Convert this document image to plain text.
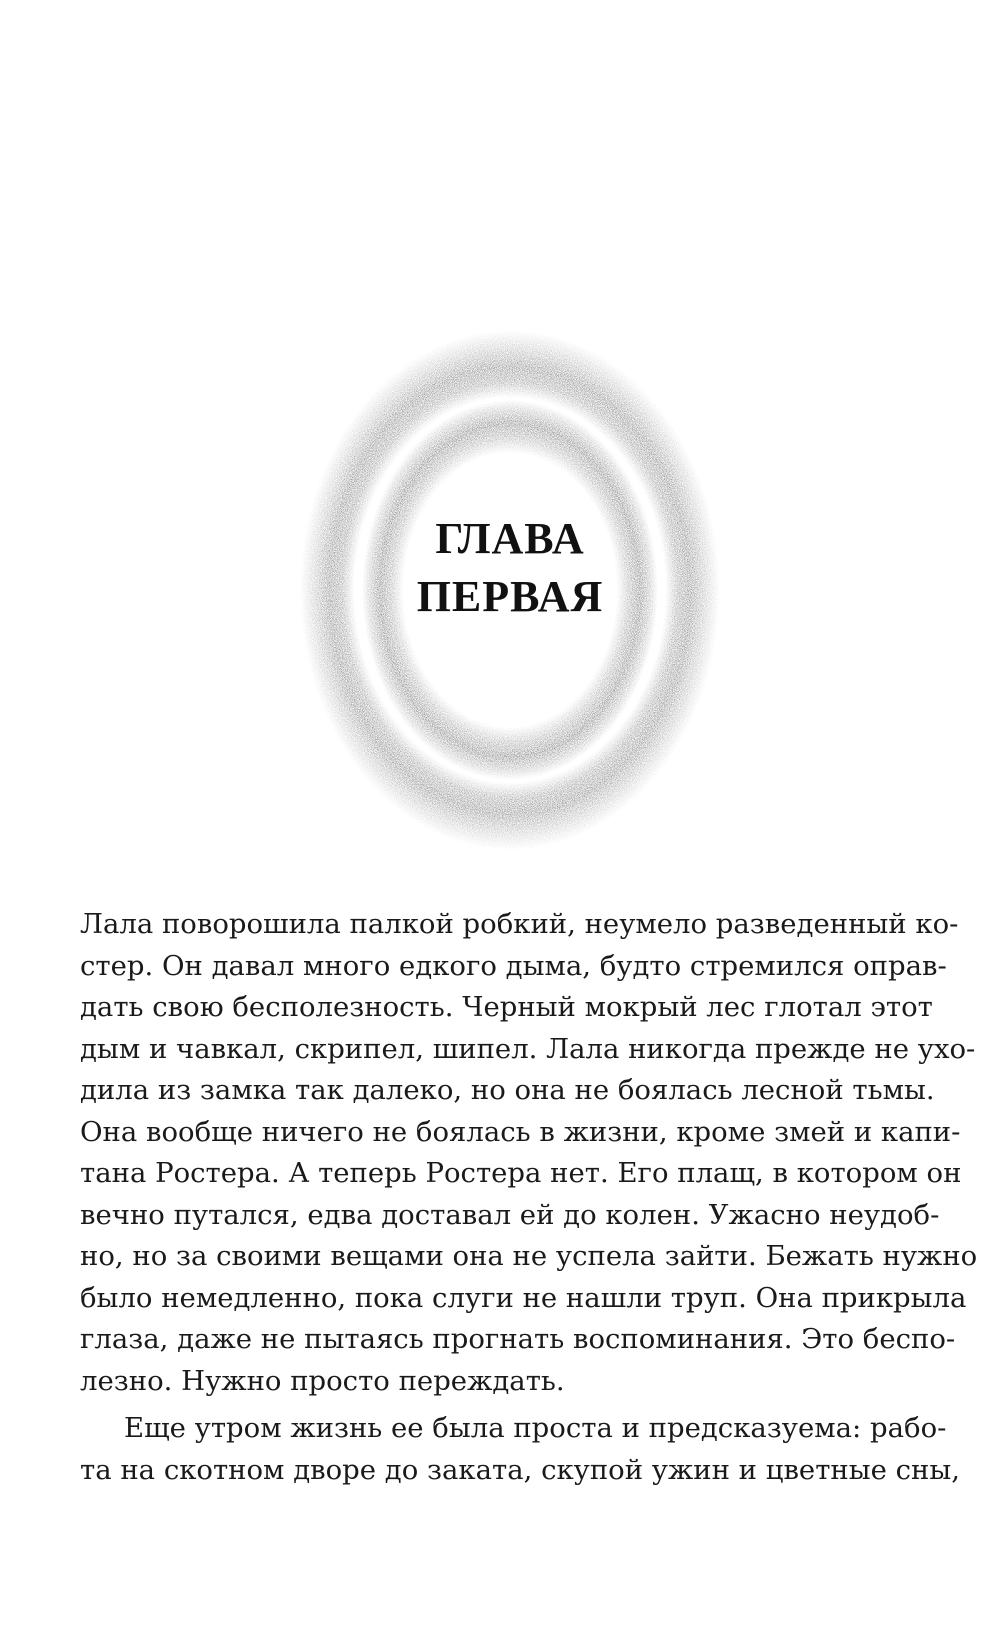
ГЛАВА
ПЕРВАЯ

Лала поворошила палкой робкий, неумело разведенный ко-
стер. Он давал много едкого дыма, будто стремился оправ-
дать свою бесполезность. Черный мокрый лес глотал этот
дым и чавкал, скрипел, шипел. Лала никогда прежде не ухо-
дила из замка так далеко, но она не боялась лесной тьмы.
Она вообще ничего не боялась в жизни, кроме змей и капи-
тана Ростера. А теперь Ростера нет. Его плащ, в котором он
вечно путался, едва доставал ей до колен. Ужасно неудоб-
но, но за своими вещами она не успела зайти. Бежать нужно
было немедленно, пока слуги не нашли труп. Она прикрыла
глаза, даже не пытаясь прогнать воспоминания. Это беспо-
лезно. Нужно просто переждать.

Еще утром жизнь ее была проста и предсказуема: рабо-
та на скотном дворе до заката, скупой ужин и цветные сны,
